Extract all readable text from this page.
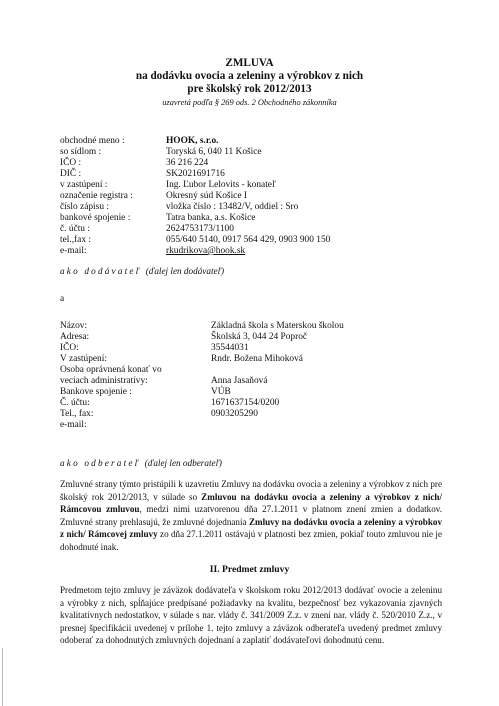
ZMLUVA
na dodávku ovocia a zeleniny a výrobkov z nich
pre školský rok 2012/2013
uzavretá podľa § 269 ods. 2 Obchodného zákonníka
obchodné meno :	HOOK, s.r.o.
so sídlom :	Toryská 6, 040 11 Košice
IČO :	36 216 224
DIČ :	SK2021691716
v zastúpení :	Ing. Ľubor Lelovits - konateľ
označenie registra :	Okresný súd Košice I
číslo zápisu :	vložka číslo : 13482/V, oddiel : Sro
bankové spojenie :	Tatra banka, a.s. Košice
č. účtu :	2624753173/1100
tel.,fax :	055/640 5140, 0917 564 429, 0903 900 150
e-mail:	rkudrikova@hook.sk
ako dodávateľ (ďalej len dodávateľ)
a
Názov:	Základná škola s Materskou školou
Adresa:	Školská 3, 044 24 Poproč
IČO:	35544031
V zastúpení:	Rndr. Božena Mihoková
Osoba oprávnená konať vo
veciach administratívy:	Anna Jasaňová
Bankove spojenie :	VÚB
Č. účtu:	1671637154/0200
Tel., fax:	0903205290
e-mail:
ako odberateľ (ďalej len odberateľ)
Zmluvné strany týmto pristúpili k uzavretiu Zmluvy na dodávku ovocia a zeleniny a výrobkov z nich pre školský rok 2012/2013, v súlade so Zmluvou na dodávku ovocia a zeleniny a výrobkov z nich/ Rámcovou zmluvou, medzi nimi uzatvorenou dňa 27.1.2011 v platnom znení zmien a dodatkov. Zmluvné strany prehlasujú, že zmluvné dojednania Zmluvy na dodávku ovocia a zeleniny a výrobkov z nich/ Rámcovej zmluvy zo dňa 27.1.2011 ostávajú v platnosti bez zmien, pokiaľ touto zmluvou nie je dohodnuté inak.
II. Predmet zmluvy
Predmetom tejto zmluvy je záväzok dodávateľa v školskom roku 2012/2013 dodávať ovocie a zeleninu a výrobky z nich, spĺňajúce predpísané požiadavky na kvalitu, bezpečnosť bez vykazovania zjavných kvalitatívnych nedostatkov, v súlade s nar. vlády č. 341/2009 Z.z. v znení nar. vlády č. 520/2010 Z.z., v presnej špecifikácii uvedenej v prílohe 1. tejto zmluvy a záväzok odberateľa uvedený predmet zmluvy odoberať za dohodnutých zmluvných dojednaní a zaplatiť dodávateľovi dohodnutú cenu.
